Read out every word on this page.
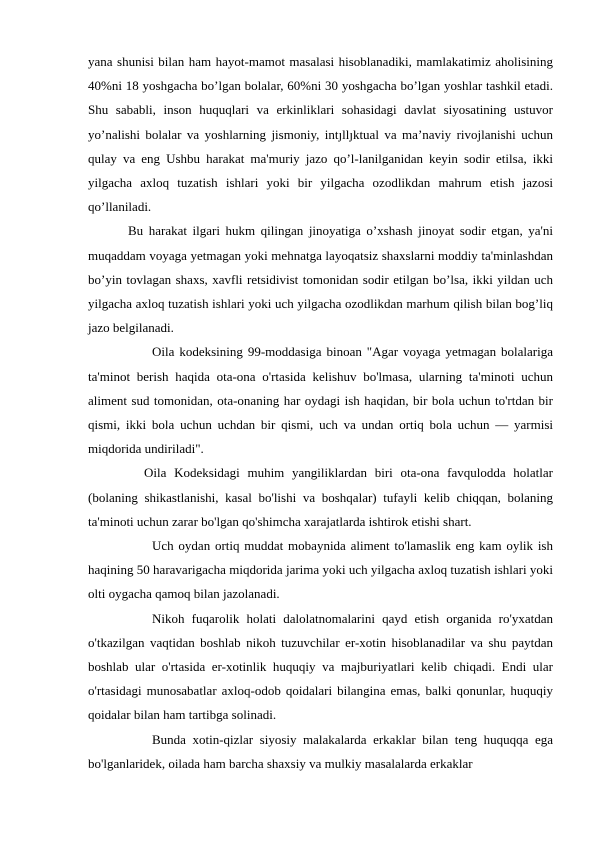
yana shunisi bilan ham hayot-mamot masalasi hisoblanadiki, mamlakatimiz aholisining 40%ni 18 yoshgacha bo’lgan bolalar, 60%ni 30 yoshgacha bo’lgan yoshlar tashkil etadi. Shu sababli, inson huquqlari va erkinliklari sohasidagi davlat siyosatining ustuvor yo’nalishi bolalar va yoshlarning jismoniy, intȷllȷktual va ma’naviy rivojlanishi uchun qulay va eng Ushbu harakat ma'muriy jazo qo’l-lanilganidan keyin sodir etilsa, ikki yilgacha axloq tuzatish ishlari yoki bir yilgacha ozodlikdan mahrum etish jazosi qo’llaniladi.

Bu harakat ilgari hukm qilingan jinoyatiga o’xshash jinoyat sodir etgan, ya'ni muqaddam voyaga yetmagan yoki mehnatga layoqatsiz shaxslarni moddiy ta'minlashdan bo’yin tovlagan shaxs, xavfli retsidivist tomonidan sodir etilgan bo’lsa, ikki yildan uch yilgacha axloq tuzatish ishlari yoki uch yilgacha ozodlikdan marhum qilish bilan bog’liq jazo belgilanadi.

Oila kodeksining 99-moddasiga binoan "Agar voyaga yetmagan bolalariga ta'minot berish haqida ota-ona o'rtasida kelishuv bo'lmasa, ularning ta'minoti uchun aliment sud tomonidan, ota-onaning har oydagi ish haqidan, bir bola uchun to'rtdan bir qismi, ikki bola uchun uchdan bir qismi, uch va undan ortiq bola uchun — yarmisi miqdorida undiriladi".

Oila Kodeksidagi muhim yangiliklardan biri ota-ona favqulodda holatlar (bolaning shikastlanishi, kasal bo'lishi va boshqalar) tufayli kelib chiqqan, bolaning ta'minoti uchun zarar bo'lgan qo'shimcha xarajatlarda ishtirok etishi shart.

Uch oydan ortiq muddat mobaynida aliment to'lamaslik eng kam oylik ish haqining 50 haravarigacha miqdorida jarima yoki uch yilgacha axloq tuzatish ishlari yoki olti oygacha qamoq bilan jazolanadi.

Nikoh fuqarolik holati dalolatnomalarini qayd etish organida ro'yxatdan o'tkazilgan vaqtidan boshlab nikoh tuzuvchilar er-xotin hisoblanadilar va shu paytdan boshlab ular o'rtasida er-xotinlik huquqiy va majburiyatlari kelib chiqadi. Endi ular o'rtasidagi munosabatlar axloq-odob qoidalari bilangina emas, balki qonunlar, huquqiy qoidalar bilan ham tartibga solinadi.

Bunda xotin-qizlar siyosiy malakalarda erkaklar bilan teng huquqqa ega bo'lganlaridek, oilada ham barcha shaxsiy va mulkiy masalalarda erkaklar
